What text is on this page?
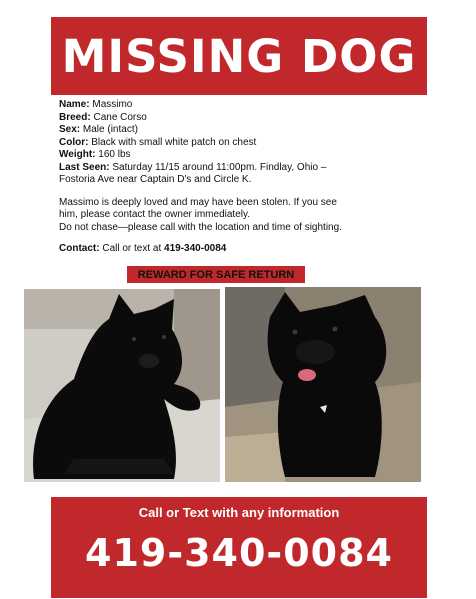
MISSING DOG
Name: Massimo
Breed: Cane Corso
Sex: Male (intact)
Color: Black with small white patch on chest
Weight: 160 lbs
Last Seen: Saturday 11/15 around 11:00pm. Findlay, Ohio –
Fostoria Ave near Captain D's and Circle K.
Massimo is deeply loved and may have been stolen. If you see
him, please contact the owner immediately.
Do not chase—please call with the location and time of sighting.
Contact: Call or text at 419-340-0084
REWARD FOR SAFE RETURN
Call or Text with any information
419-340-0084
